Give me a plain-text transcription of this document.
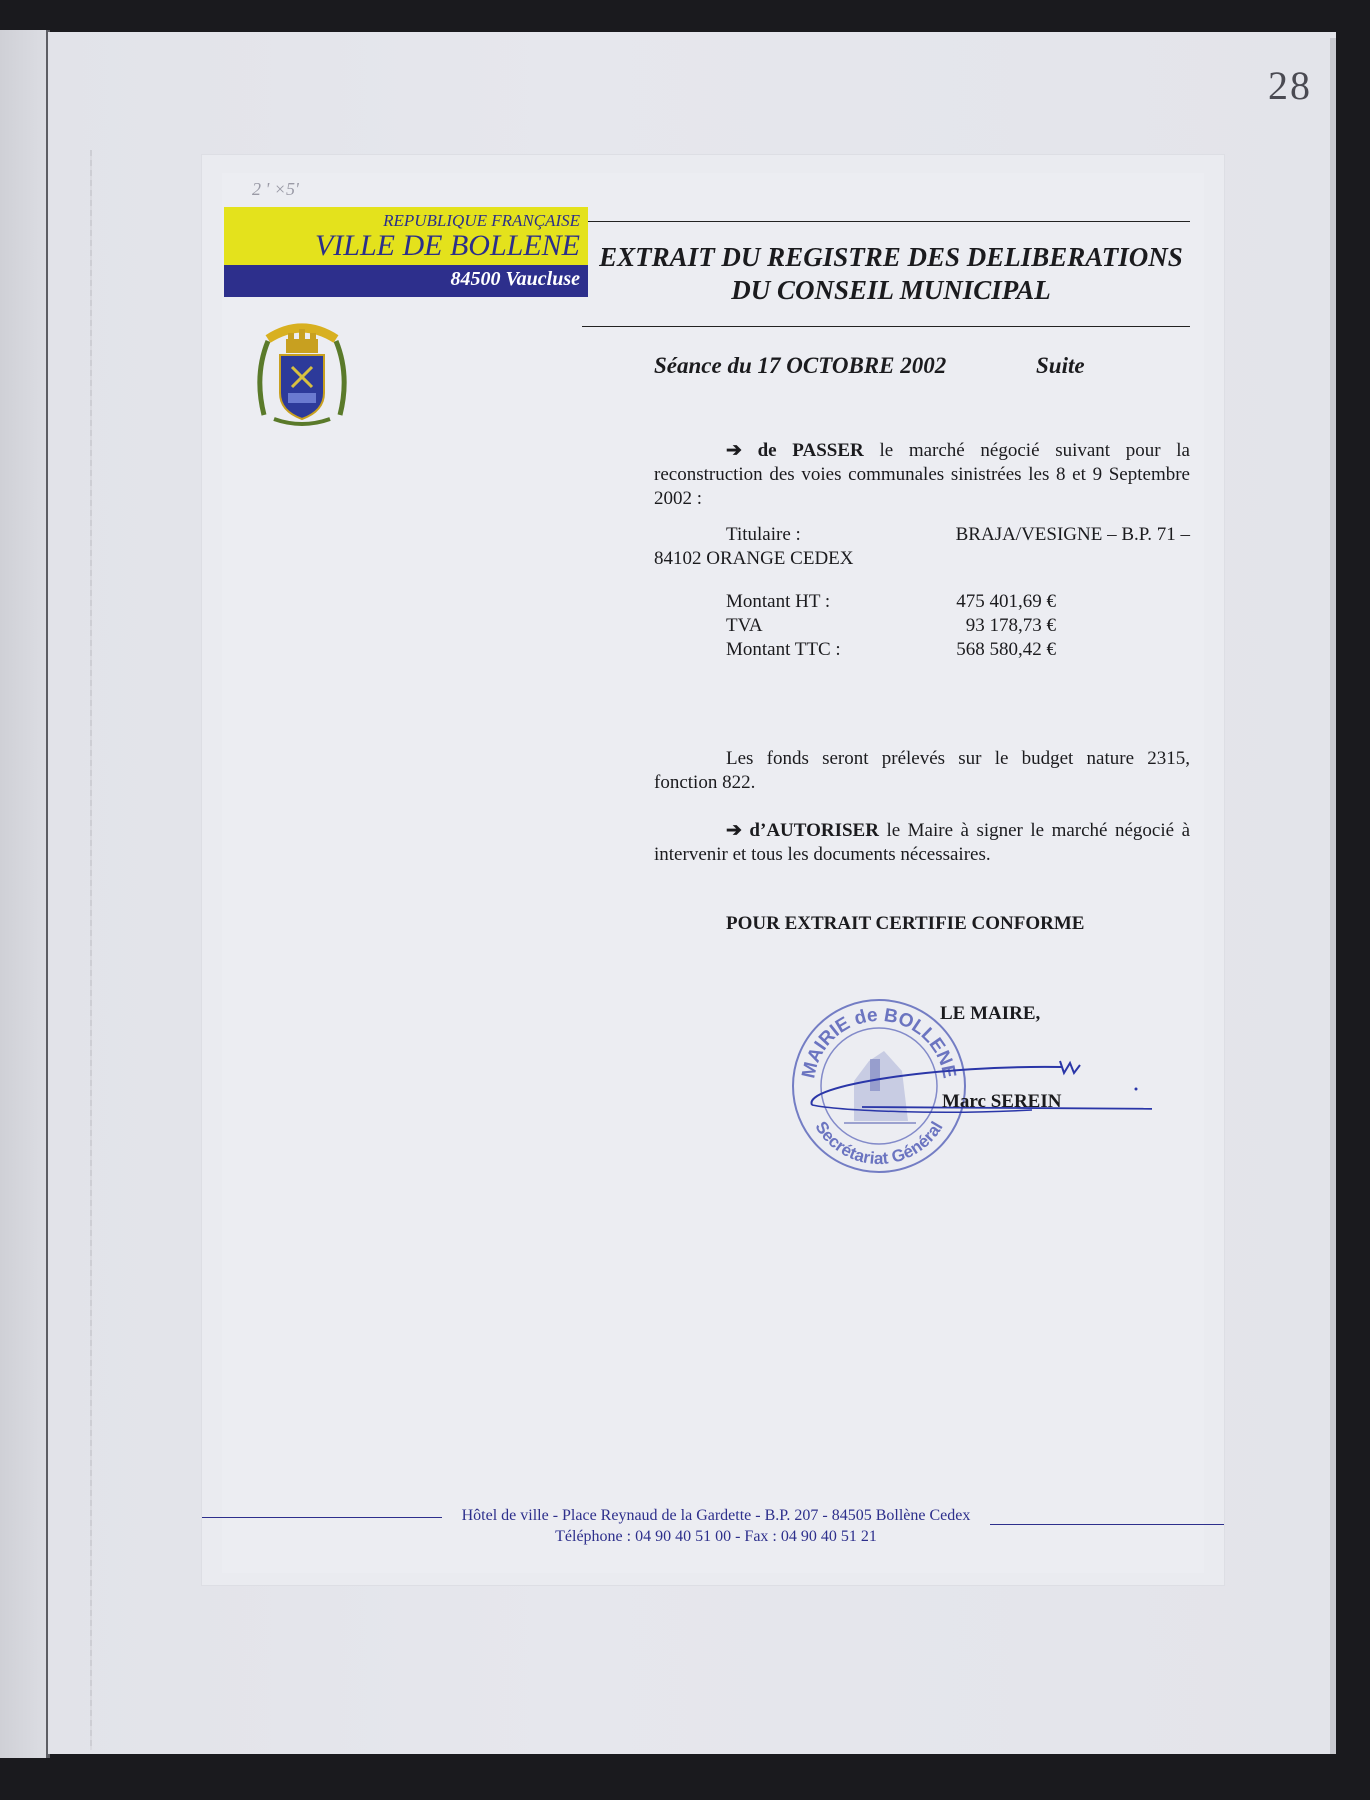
28
2 ' ×5'
REPUBLIQUE FRANÇAISE
VILLE DE BOLLENE
84500 Vaucluse
EXTRAIT DU REGISTRE DES DELIBERATIONS
DU CONSEIL MUNICIPAL
Séance du 17 OCTOBRE 2002	Suite
➔ de PASSER le marché négocié suivant pour la reconstruction des voies communales sinistrées les 8 et 9 Septembre 2002 :
Titulaire :	BRAJA/VESIGNE – B.P. 71 –
84102 ORANGE CEDEX
Montant HT :	475 401,69 €
TVA	93 178,73 €
Montant TTC :	568 580,42 €
Les fonds seront prélevés sur le budget nature 2315, fonction 822.
➔ d’AUTORISER le Maire à signer le marché négocié à intervenir et tous les documents nécessaires.
POUR EXTRAIT CERTIFIE CONFORME
MAIRIE de BOLLENE
Secrétariat Général
LE MAIRE,
Marc SEREIN
Hôtel de ville - Place Reynaud de la Gardette - B.P. 207 - 84505 Bollène Cedex
Téléphone : 04 90 40 51 00 - Fax : 04 90 40 51 21
